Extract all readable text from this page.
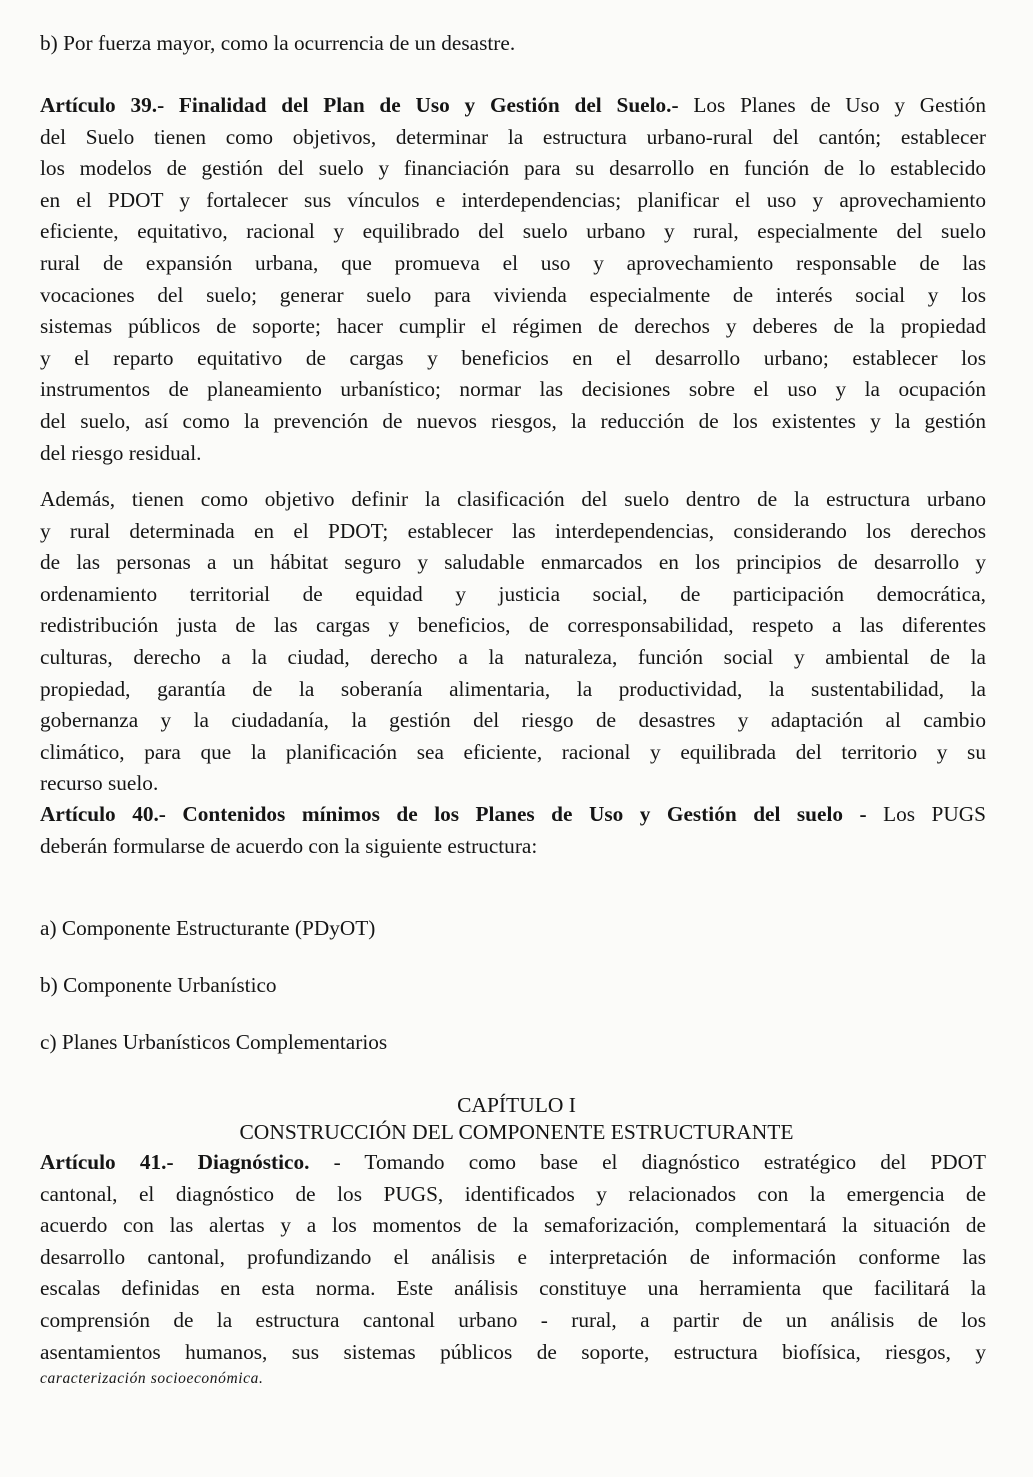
b) Por fuerza mayor, como la ocurrencia de un desastre.
Artículo 39.- Finalidad del Plan de Uso y Gestión del Suelo.- Los Planes de Uso y Gestión
del Suelo tienen como objetivos, determinar la estructura urbano-rural del cantón; establecer
los modelos de gestión del suelo y financiación para su desarrollo en función de lo establecido
en el PDOT y fortalecer sus vínculos e interdependencias; planificar el uso y aprovechamiento
eficiente, equitativo, racional y equilibrado del suelo urbano y rural, especialmente del suelo
rural de expansión urbana, que promueva el uso y aprovechamiento responsable de las
vocaciones del suelo; generar suelo para vivienda especialmente de interés social y los
sistemas públicos de soporte; hacer cumplir el régimen de derechos y deberes de la propiedad
y el reparto equitativo de cargas y beneficios en el desarrollo urbano; establecer los
instrumentos de planeamiento urbanístico; normar las decisiones sobre el uso y la ocupación
del suelo, así como la prevención de nuevos riesgos, la reducción de los existentes y la gestión
del riesgo residual.
Además, tienen como objetivo definir la clasificación del suelo dentro de la estructura urbano
y rural determinada en el PDOT; establecer las interdependencias, considerando los derechos
de las personas a un hábitat seguro y saludable enmarcados en los principios de desarrollo y
ordenamiento territorial de equidad y justicia social, de participación democrática,
redistribución justa de las cargas y beneficios, de corresponsabilidad, respeto a las diferentes
culturas, derecho a la ciudad, derecho a la naturaleza, función social y ambiental de la
propiedad, garantía de la soberanía alimentaria, la productividad, la sustentabilidad, la
gobernanza y la ciudadanía, la gestión del riesgo de desastres y adaptación al cambio
climático, para que la planificación sea eficiente, racional y equilibrada del territorio y su
recurso suelo.
Artículo 40.- Contenidos mínimos de los Planes de Uso y Gestión del suelo - Los PUGS
deberán formularse de acuerdo con la siguiente estructura:
a) Componente Estructurante (PDyOT)
b) Componente Urbanístico
c) Planes Urbanísticos Complementarios
CAPÍTULO I
CONSTRUCCIÓN DEL COMPONENTE ESTRUCTURANTE
Artículo 41.- Diagnóstico. - Tomando como base el diagnóstico estratégico del PDOT
cantonal, el diagnóstico de los PUGS, identificados y relacionados con la emergencia de
acuerdo con las alertas y a los momentos de la semaforización, complementará la situación de
desarrollo cantonal, profundizando el análisis e interpretación de información conforme las
escalas definidas en esta norma. Este análisis constituye una herramienta que facilitará la
comprensión de la estructura cantonal urbano - rural, a partir de un análisis de los
asentamientos humanos, sus sistemas públicos de soporte, estructura biofísica, riesgos, y
caracterización socioeconómica.
